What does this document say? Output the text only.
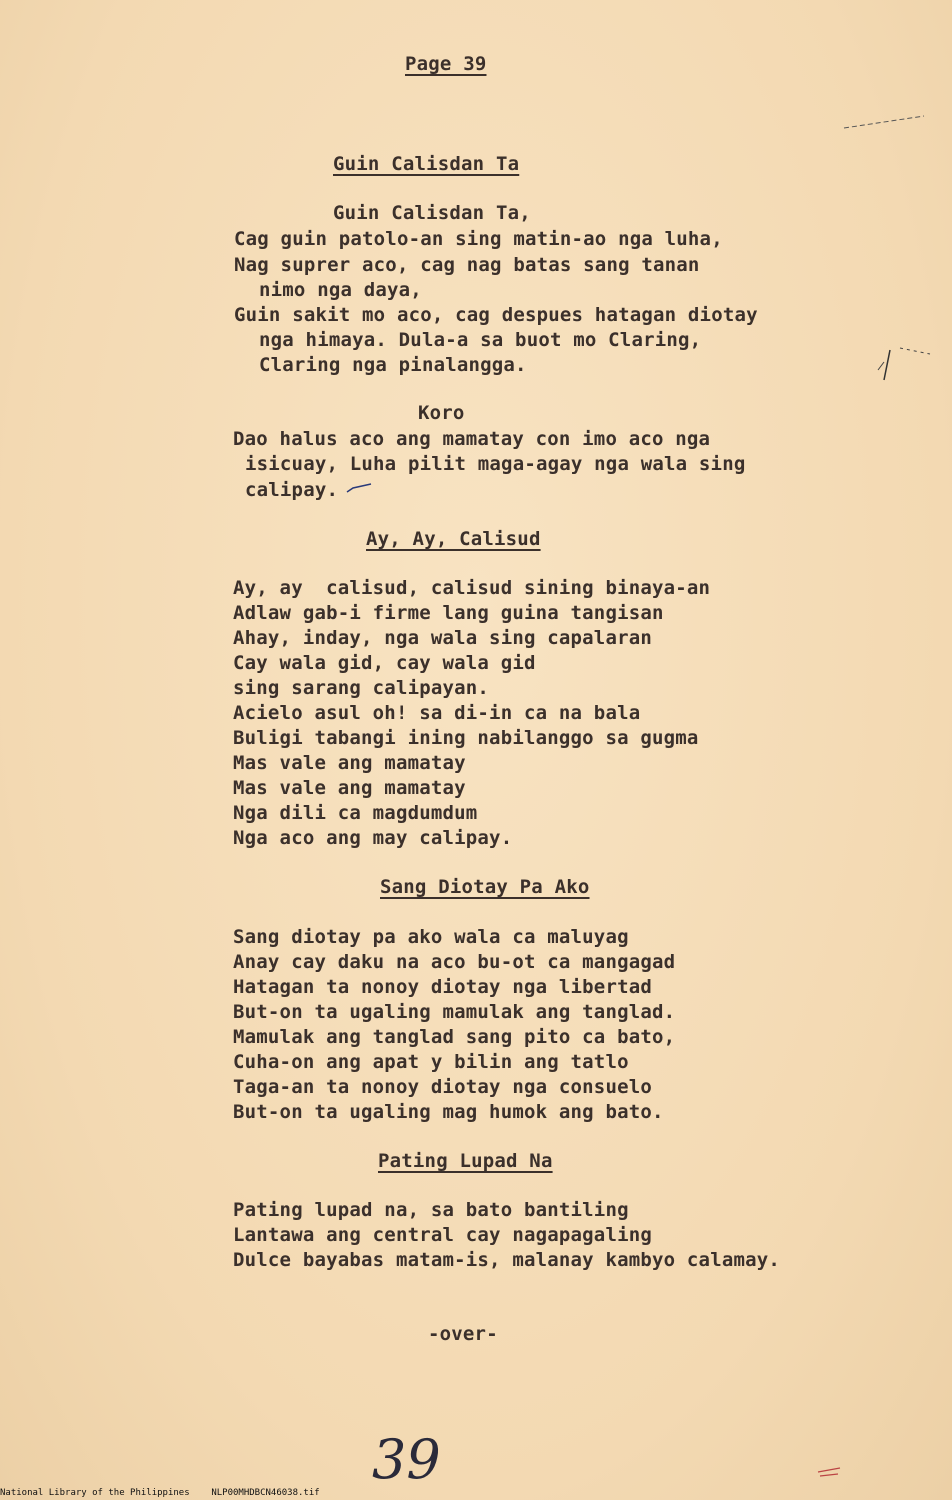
Page 39
Guin Calisdan Ta
Guin Calisdan Ta,
Cag guin patolo-an sing matin-ao nga luha,
Nag suprer aco, cag nag batas sang tanan
nimo nga daya,
Guin sakit mo aco, cag despues hatagan diotay
nga himaya. Dula-a sa buot mo Claring,
Claring nga pinalangga.
Koro
Dao halus aco ang mamatay con imo aco nga
isicuay, Luha pilit maga-agay nga wala sing
calipay.
Ay, Ay, Calisud
Ay, ay  calisud, calisud sining binaya-an
Adlaw gab-i firme lang guina tangisan
Ahay, inday, nga wala sing capalaran
Cay wala gid, cay wala gid
sing sarang calipayan.
Acielo asul oh! sa di-in ca na bala
Buligi tabangi ining nabilanggo sa gugma
Mas vale ang mamatay
Mas vale ang mamatay
Nga dili ca magdumdum
Nga aco ang may calipay.
Sang Diotay Pa Ako
Sang diotay pa ako wala ca maluyag
Anay cay daku na aco bu-ot ca mangagad
Hatagan ta nonoy diotay nga libertad
But-on ta ugaling mamulak ang tanglad.
Mamulak ang tanglad sang pito ca bato,
Cuha-on ang apat y bilin ang tatlo
Taga-an ta nonoy diotay nga consuelo
But-on ta ugaling mag humok ang bato.
Pating Lupad Na
Pating lupad na, sa bato bantiling
Lantawa ang central cay nagapagaling
Dulce bayabas matam-is, malanay kambyo calamay.
-over-
39
National Library of the Philippines    NLP00MHDBCN46038.tif
